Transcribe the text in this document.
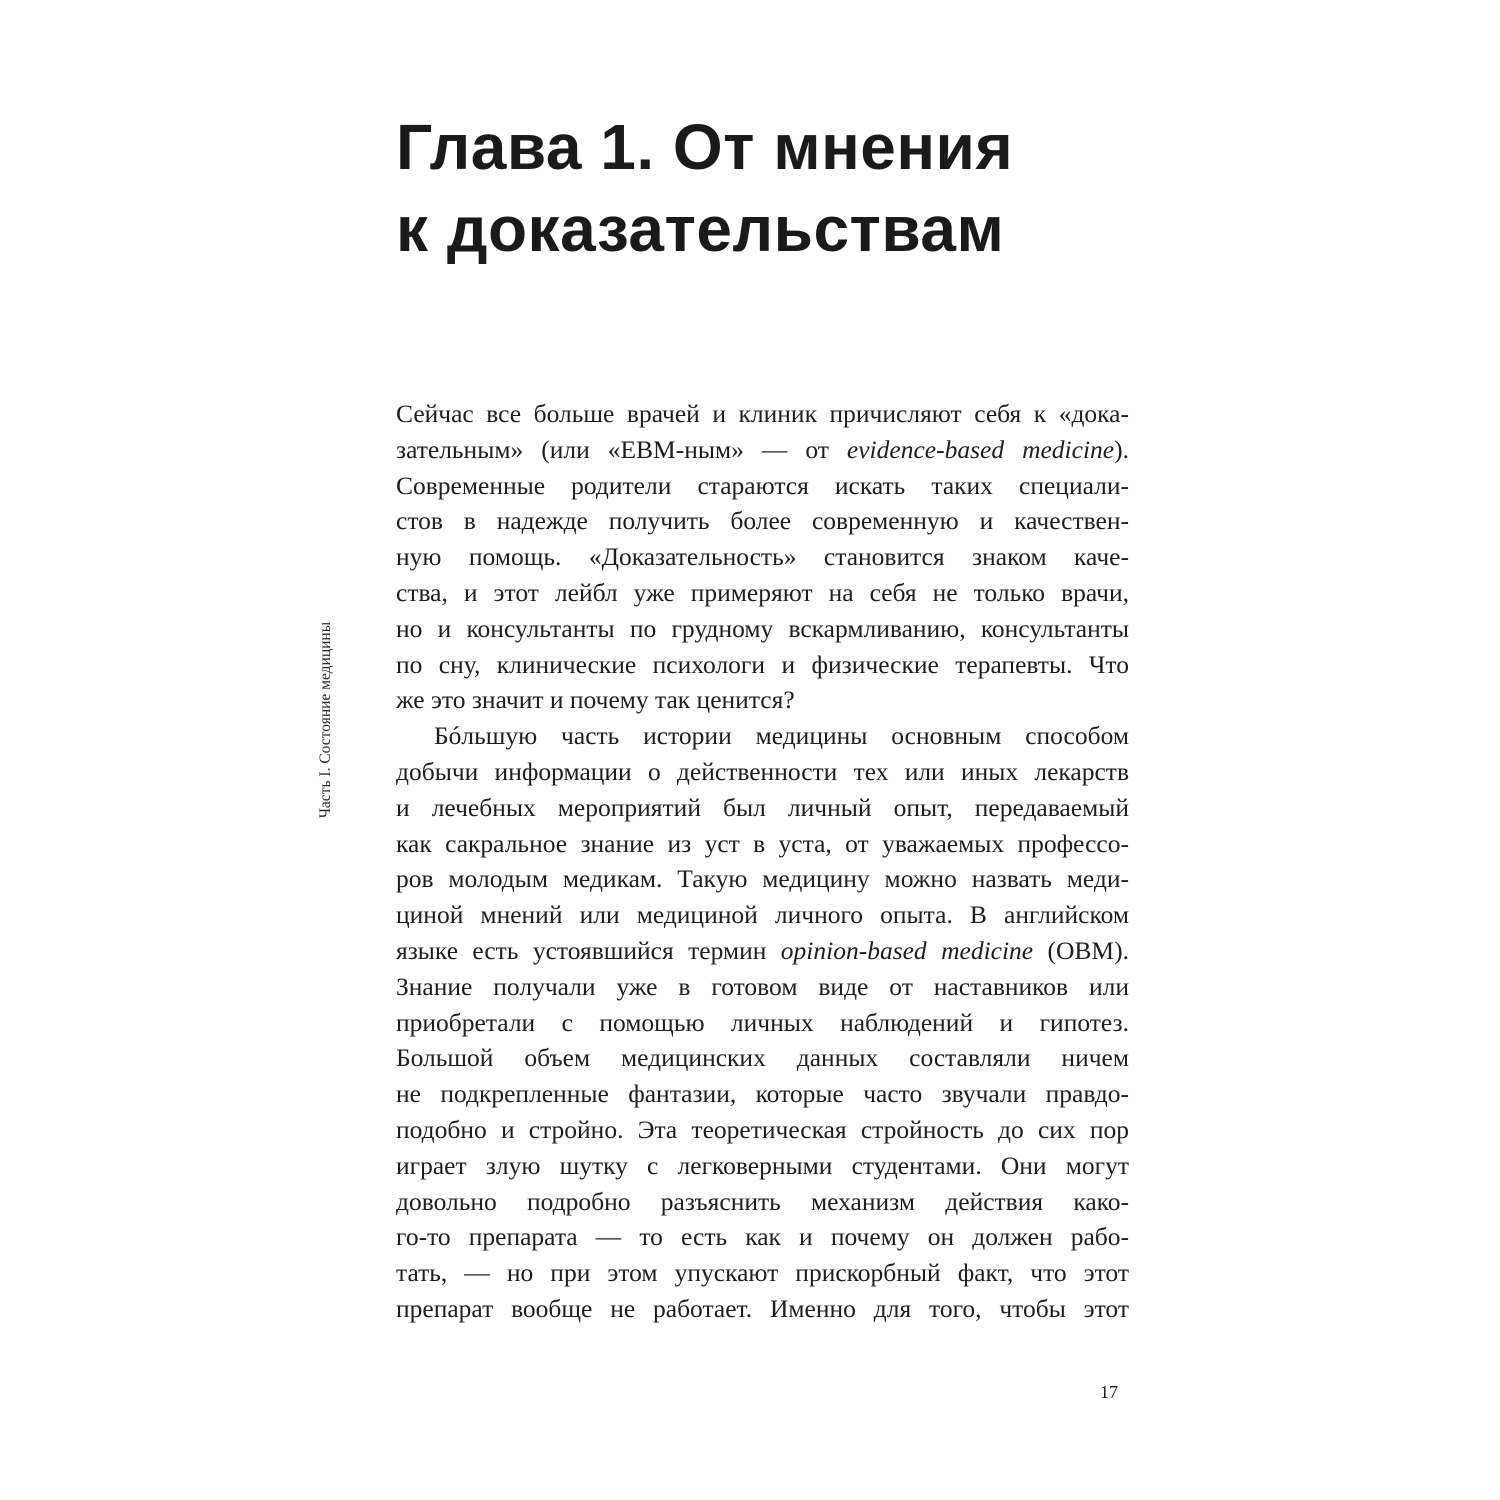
Глава 1. От мнения
к доказательствам
Часть I. Состояние медицины

Сейчас все больше врачей и клиник причисляют себя к «дока-
зательным» (или «EBM-ным» — от evidence-based medicine).
Современные родители стараются искать таких специали-
стов в надежде получить более современную и качествен-
ную помощь. «Доказательность» становится знаком каче-
ства, и этот лейбл уже примеряют на себя не только врачи,
но и консультанты по грудному вскармливанию, консультанты
по сну, клинические психологи и физические терапевты. Что
же это значит и почему так ценится?

Бóльшую часть истории медицины основным способом
добычи информации о действенности тех или иных лекарств
и лечебных мероприятий был личный опыт, передаваемый
как сакральное знание из уст в уста, от уважаемых профессо-
ров молодым медикам. Такую медицину можно назвать меди-
циной мнений или медициной личного опыта. В английском
языке есть устоявшийся термин opinion-based medicine (OBM).
Знание получали уже в готовом виде от наставников или
приобретали с помощью личных наблюдений и гипотез.
Большой объем медицинских данных составляли ничем
не подкрепленные фантазии, которые часто звучали правдо-
подобно и стройно. Эта теоретическая стройность до сих пор
играет злую шутку с легковерными студентами. Они могут
довольно подробно разъяснить механизм действия како-
го-то препарата — то есть как и почему он должен рабо-
тать, — но при этом упускают прискорбный факт, что этот
препарат вообще не работает. Именно для того, чтобы этот

17
